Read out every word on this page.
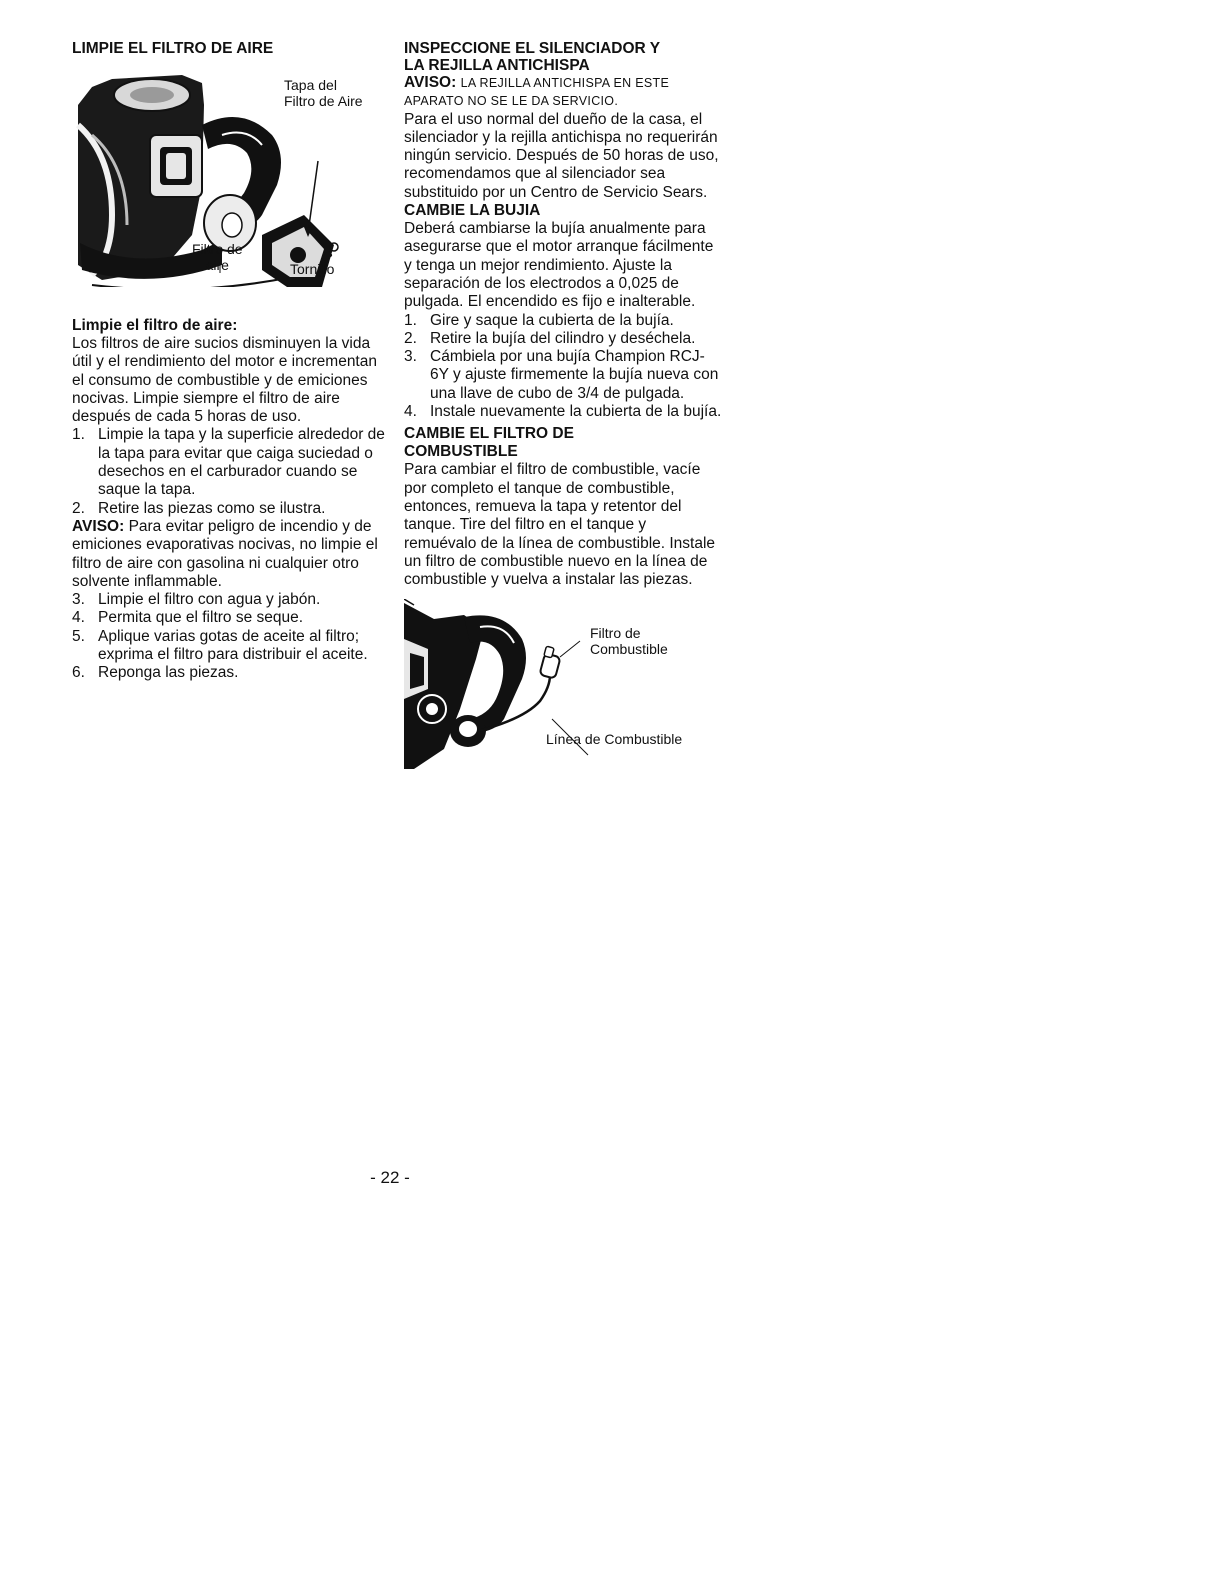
LIMPIE EL FILTRO DE AIRE
Tapa del
Filtro de Aire
Filtro de
aire	Tornillo
Limpie el filtro de aire:

Los filtros de aire sucios disminuyen la vida útil y el rendimiento del motor e incrementan el consumo de combustible y de emiciones nocivas. Limpie siempre el filtro de aire después de cada 5 horas de uso.

1. Limpie la tapa y la superficie alrededor de la tapa para evitar que caiga suciedad o desechos en el carburador cuando se saque la tapa.
2. Retire las piezas como se ilustra.

AVISO: Para evitar peligro de incendio y de emiciones evaporativas nocivas, no limpie el filtro de aire con gasolina ni cualquier otro solvente inflammable.

3. Limpie el filtro con agua y jabón.
4. Permita que el filtro se seque.
5. Aplique varias gotas de aceite al filtro; exprima el filtro para distribuir el aceite.
6. Reponga las piezas.
INSPECCIONE EL SILENCIADOR Y
LA REJILLA ANTICHISPA

AVISO: LA REJILLA ANTICHISPA EN ESTE APARATO NO SE LE DA SERVICIO.

Para el uso normal del dueño de la casa, el silenciador y la rejilla antichispa no requerirán ningún servicio. Después de 50 horas de uso, recomendamos que al silenciador sea substituido por un Centro de Servicio Sears.

CAMBIE LA BUJIA

Deberá cambiarse la bujía anualmente para asegurarse que el motor arranque fácilmente y tenga un mejor rendimiento. Ajuste la separación de los electrodos a 0,025 de pulgada. El encendido es fijo e inalterable.

1. Gire y saque la cubierta de la bujía.
2. Retire la bujía del cilindro y deséchela.
3. Cámbiela por una bujía Champion RCJ-6Y y ajuste firmemente la bujía nueva con una llave de cubo de 3/4 de pulgada.
4. Instale nuevamente la cubierta de la bujía.
CAMBIE EL FILTRO DE
COMBUSTIBLE

Para cambiar el filtro de combustible, vacíe por completo el tanque de combustible, entonces, remueva la tapa y retentor del tanque. Tire del filtro en el tanque y remuévalo de la línea de combustible. Instale un filtro de combustible nuevo en la línea de combustible y vuelva a instalar las piezas.

Filtro de
Combustible
Línea de Combustible
- 22 -
